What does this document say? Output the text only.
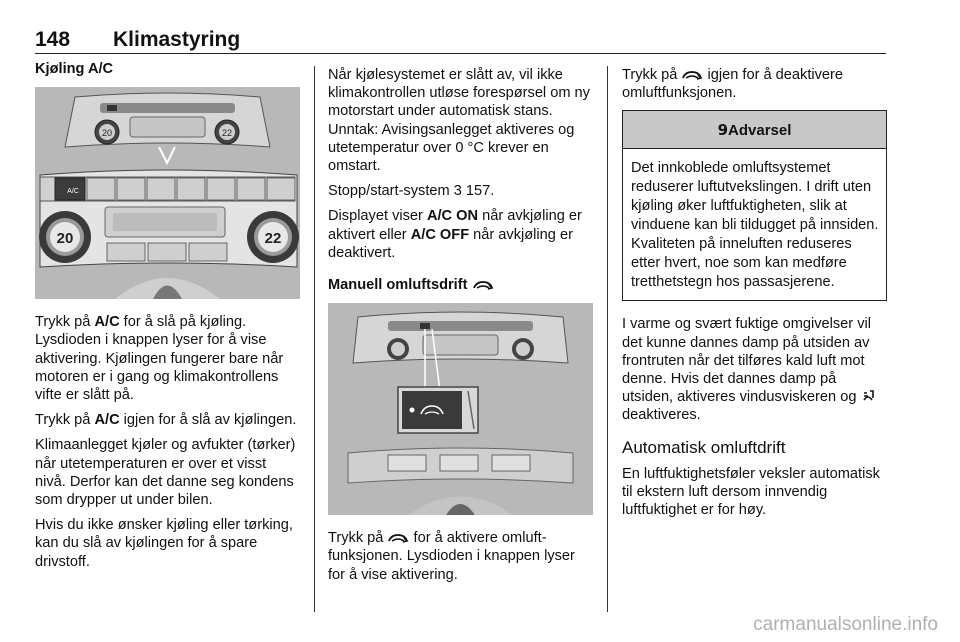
148 Klimastyring
Kjøling A/C
20	22
A/C
20	22

Trykk på A/C for å slå på kjøling. Lysdioden i knappen lyser for å vise aktivering. Kjølingen fungerer bare når motoren er i gang og klimakontrollens vifte er slått på.

Trykk på A/C igjen for å slå av kjølingen.

Klimaanlegget kjøler og avfukter (tørker) når utetemperaturen er over et visst nivå. Derfor kan det danne seg kondens som drypper ut under bilen.

Hvis du ikke ønsker kjøling eller tørking, kan du slå av kjølingen for å spare drivstoff.

Når kjølesystemet er slått av, vil ikke klimakontrollen utløse forespørsel om ny motorstart under automatisk stans. Unntak: Avisingsanlegget aktiveres og utetemperatur over 0 °C krever en omstart.

Stopp/start-system 3 157.

Displayet viser A/C ON når avkjøling er aktivert eller A/C OFF når avkjøling er deaktivert.

Manuell omluftsdrift

Trykk på  for å aktivere omluftfunksjonen. Lysdioden i knappen lyser for å vise aktivering.

Trykk på  igjen for å deaktivere omluftfunksjonen.

9Advarsel
Det innkoblede omluftsystemet reduserer luftutvekslingen. I drift uten kjøling øker luftfuktigheten, slik at vinduene kan bli tildugget på innsiden. Kvaliteten på inneluften reduseres etter hvert, noe som kan medføre tretthetstegn hos passasjerene.

I varme og svært fuktige omgivelser vil det kunne dannes damp på utsiden av frontruten når det tilføres kald luft mot denne. Hvis det dannes damp på utsiden, aktiveres vindusviskeren og  deaktiveres.

Automatisk omluftdrift

En luftfuktighetsføler veksler automatisk til ekstern luft dersom innvendig luftfuktighet er for høy.

carmanualsonline.info
